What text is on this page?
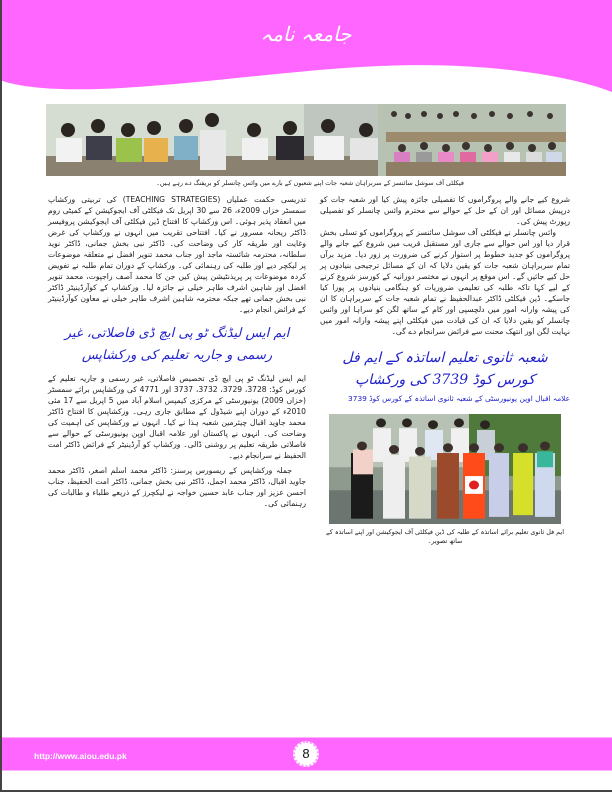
جامعہ نامہ
فیکلٹی آف سوشل سائنسز کے سربراہان شعبہ جات اپنے شعبوں کے بارے میں وائس چانسلر کو بریفنگ دے رہے ہیں۔

شروع کیے جانے والے پروگراموں کا تفصیلی جائزہ پیش کیا اور شعبہ جات کو درپیش مسائل اور ان کے حل کے حوالے سے محترم وائس چانسلر کو تفصیلی رپورٹ پیش کی۔

وائس چانسلر نے فیکلٹی آف سوشل سائنسز کے پروگراموں کو تسلی بخش قرار دیا اور اس حوالے سے جاری اور مستقبل قریب میں شروع کیے جانے والے پروگراموں کو جدید خطوط پر استوار کرنے کی ضرورت پر زور دیا۔ مزید برآں تمام سربراہان شعبہ جات کو یقین دلایا کہ ان کے مسائل ترجیحی بنیادوں پر حل کیے جائیں گے۔ اس موقع پر انہوں نے مختصر دورانیہ کے کورسز شروع کرنے کے لیے کہا تاکہ طلبہ کی تعلیمی ضروریات کو ہنگامی بنیادوں پر پورا کیا جاسکے۔ ڈین فیکلٹی ڈاکٹر عبدالحفیظ نے تمام شعبہ جات کے سربراہان کا ان کی پیشہ وارانہ امور میں دلچسپی اور کام کے ساتھ لگن کو سراہا اور وائس چانسلر کو یقین دلایا کہ ان کی قیادت میں فیکلٹی اپنے پیشہ وارانہ امور میں نہایت لگن اور انتھک محنت سے فرائض سرانجام دے گی۔

شعبہ ثانوی تعلیم اساتذہ کے ایم فل
کورس کوڈ 3739 کی ورکشاپ
علامہ اقبال اوپن یونیورسٹی کے شعبہ ثانوی اساتذہ کے کورس کوڈ 3739
ایم فل ثانوی تعلیم برائے اساتذہ کے طلبہ کی ڈین فیکلٹی آف ایجوکیشن اور اپنے اساتذہ کے ساتھ تصویر۔

تدریسی حکمت عملیاں (TEACHING STRATEGIES) کی تربیتی ورکشاپ سمسٹر خزاں 2009ء، 26 سے 30 اپریل تک فیکلٹی آف ایجوکیشن کے کمیٹی روم میں انعقاد پذیر ہوئی۔ اس ورکشاپ کا افتتاح ڈین فیکلٹی آف ایجوکیشن پروفیسر ڈاکٹر ریحانہ مسرور نے کیا۔ افتتاحی تقریب میں انہوں نے ورکشاپ کی غرض وغایت اور طریقہ کار کی وضاحت کی۔ ڈاکٹر نبی بخش جمانی، ڈاکٹر نوید سلطانہ، محترمہ شائستہ ماجد اور جناب محمد تنویر افضل نے متعلقہ موضوعات پر لیکچر دیے اور طلبہ کی رہنمائی کی۔ ورکشاپ کے دوران تمام طلبہ نے تفویض کردہ موضوعات پر پریذنٹیشن پیش کیں جن کا محمد آصف راجپوت، محمد تنویر افضل اور شاہین اشرف طاہر خیلی نے جائزہ لیا۔ ورکشاپ کے کوآرڈینیٹر ڈاکٹر نبی بخش جمانی تھے جبکہ محترمہ شاہین اشرف طاہر خیلی نے معاون کوآرڈینیٹر کے فرائض انجام دیے۔

ایم ایس لیڈنگ ٹو پی ایچ ڈی فاصلاتی، غیر رسمی و جاریہ تعلیم کی ورکشاپس

ایم ایس لیڈنگ ٹو پی ایچ ڈی تخصیص فاصلاتی، غیر رسمی و جاریہ تعلیم کے کورس کوڈ: 3728، 3729، 3732، 3737 اور 4771 کی ورکشاپس برائے سمسٹر (خزاں 2009) یونیورسٹی کے مرکزی کیمپس اسلام آباد میں 5 اپریل سے 17 مئی 2010ء کے دوران اپنے شیڈول کے مطابق جاری رہی۔ ورکشاپس کا افتتاح ڈاکٹر محمد جاوید اقبال چیئرمین شعبہ ہذا نے کیا۔ انہوں نے ورکشاپس کی اہمیت کی وضاحت کی۔ انہوں نے پاکستان اور علامہ اقبال اوپن یونیورسٹی کے حوالے سے فاصلاتی طریقہ تعلیم پر روشنی ڈالی۔ ورکشاپ کو آرڈینیٹر کے فرائض ڈاکٹر امت الحفیظ نے سرانجام دیے۔

جملہ ورکشاپس کے ریسورس پرسنز: ڈاکٹر محمد اسلم اصغر، ڈاکٹر محمد جاوید اقبال، ڈاکٹر محمد اجمل، ڈاکٹر نبی بخش جمانی، ڈاکٹر امت الحفیظ، جناب احسن عزیز اور جناب عابد حسین خواجہ نے لیکچرز کے ذریعے طلباء و طالبات کی رہنمائی کی۔

http://www.aiou.edu.pk	8
